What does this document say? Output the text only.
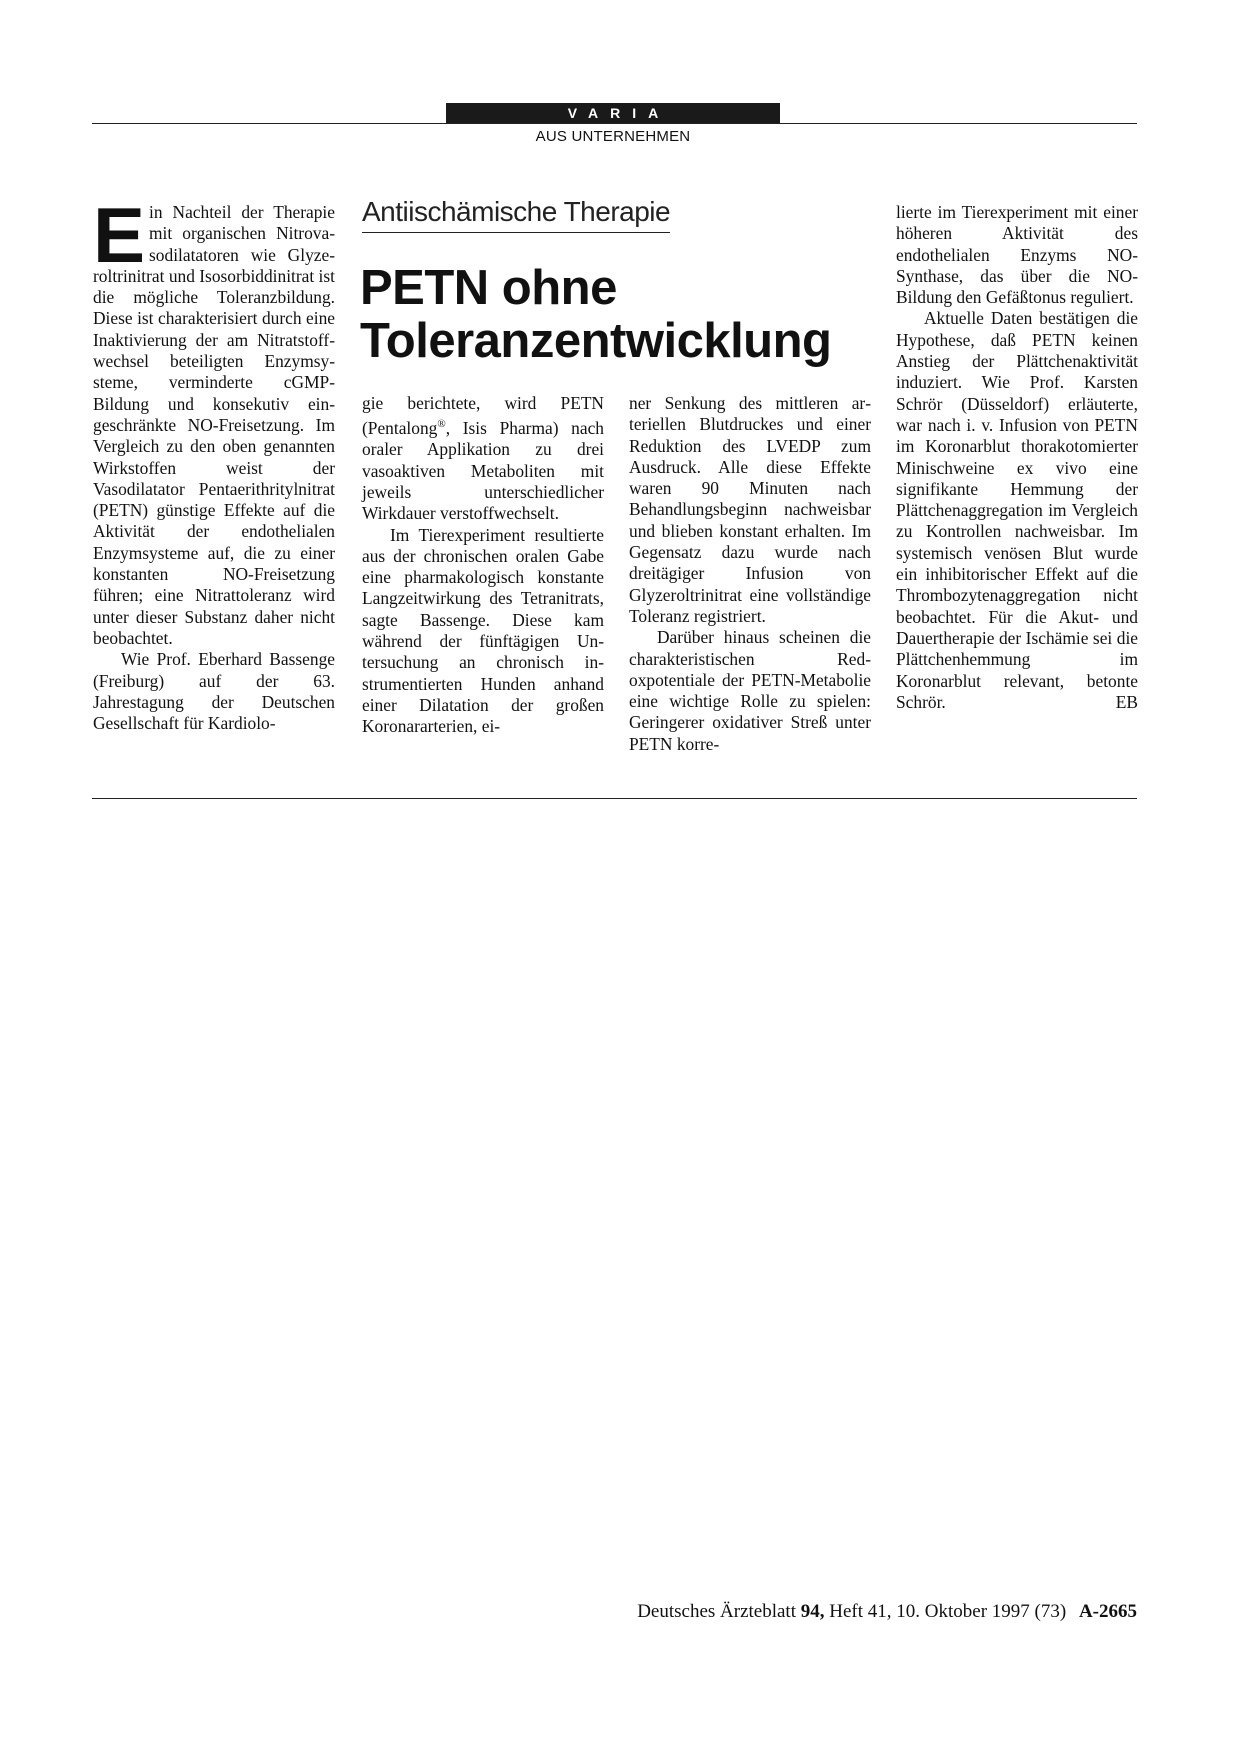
VARIA
AUS UNTERNEHMEN
Antiischämische Therapie
PETN ohne
Toleranzentwicklung

Ein Nachteil der Therapie mit organischen Nitrovasodilatatoren wie Glyzeroltrinitrat und Isosorbiddinitrat ist die mögliche Toleranzbildung. Diese ist charakterisiert durch eine Inaktivierung der am Nitratstoffwechsel beteiligten Enzymsysteme, verminderte cGMP-Bildung und konsekutiv eingeschränkte NO-Freisetzung. Im Vergleich zu den oben genannten Wirkstoffen weist der Vasodilatator Pentaerithritylnitrat (PETN) günstige Effekte auf die Aktivität der endothelialen Enzymsysteme auf, die zu einer konstanten NO-Freisetzung führen; eine Nitrattoleranz wird unter dieser Substanz daher nicht beobachtet.

Wie Prof. Eberhard Bassenge (Freiburg) auf der 63. Jahrestagung der Deutschen Gesellschaft für Kardiolo-

gie berichtete, wird PETN (Pentalong®, Isis Pharma) nach oraler Applikation zu drei vasoaktiven Metaboliten mit jeweils unterschiedlicher Wirkdauer verstoffwechselt.

Im Tierexperiment resultierte aus der chronischen oralen Gabe eine pharmakologisch konstante Langzeitwirkung des Tetranitrats, sagte Bassenge. Diese kam während der fünftägigen Untersuchung an chronisch instrumentierten Hunden anhand einer Dilatation der großen Koronararterien, ei-

ner Senkung des mittleren arteriellen Blutdruckes und einer Reduktion des LVEDP zum Ausdruck. Alle diese Effekte waren 90 Minuten nach Behandlungsbeginn nachweisbar und blieben konstant erhalten. Im Gegensatz dazu wurde nach dreitägiger Infusion von Glyzeroltrinitrat eine vollständige Toleranz registriert.

Darüber hinaus scheinen die charakteristischen Redoxpotentiale der PETN-Metabolie eine wichtige Rolle zu spielen: Geringerer oxidativer Streß unter PETN korre-

lierte im Tierexperiment mit einer höheren Aktivität des endothelialen Enzyms NO-Synthase, das über die NO-Bildung den Gefäßtonus reguliert.

Aktuelle Daten bestätigen die Hypothese, daß PETN keinen Anstieg der Plättchenaktivität induziert. Wie Prof. Karsten Schrör (Düsseldorf) erläuterte, war nach i. v. Infusion von PETN im Koronarblut thorakotomierter Minischweine ex vivo eine signifikante Hemmung der Plättchenaggregation im Vergleich zu Kontrollen nachweisbar. Im systemisch venösen Blut wurde ein inhibitorischer Effekt auf die Thrombozytenaggregation nicht beobachtet. Für die Akut- und Dauertherapie der Ischämie sei die Plättchenhemmung im Koronarblut relevant, betonte Schrör.	EB

Deutsches Ärzteblatt 94, Heft 41, 10. Oktober 1997 (73) A-2665
